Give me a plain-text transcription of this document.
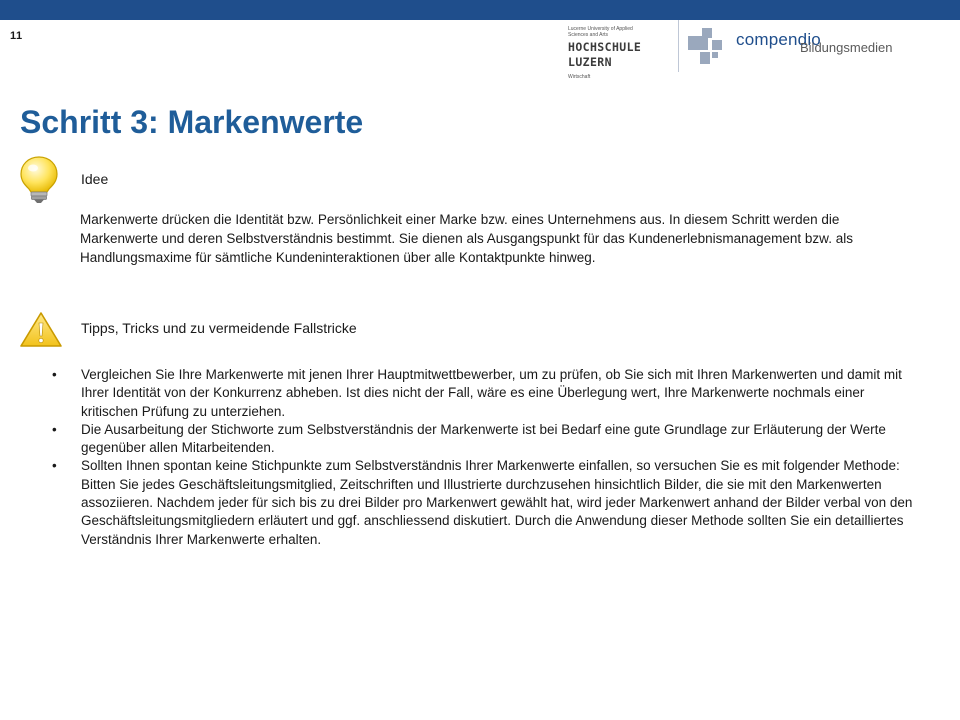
11
Lucerne University of Applied Sciences and Arts
HOCHSCHULE
LUZERN
Wirtschaft
compendio
Bildungsmedien
Schritt 3: Markenwerte
Idee

Markenwerte drücken die Identität bzw. Persönlichkeit einer Marke bzw. eines Unternehmens aus. In diesem Schritt werden die Markenwerte und deren Selbstverständnis bestimmt. Sie dienen als Ausgangspunkt für das Kundenerlebnismanagement bzw. als Handlungsmaxime für sämtliche Kundeninteraktionen über alle Kontaktpunkte hinweg.

Tipps, Tricks und zu vermeidende Fallstricke
• Vergleichen Sie Ihre Markenwerte mit jenen Ihrer Hauptmitwettbewerber, um zu prüfen, ob Sie sich mit Ihren Markenwerten und damit mit Ihrer Identität von der Konkurrenz abheben. Ist dies nicht der Fall, wäre es eine Überlegung wert, Ihre Markenwerte nochmals einer kritischen Prüfung zu unterziehen.
• Die Ausarbeitung der Stichworte zum Selbstverständnis der Markenwerte ist bei Bedarf eine gute Grundlage zur Erläuterung der Werte gegenüber allen Mitarbeitenden.
• Sollten Ihnen spontan keine Stichpunkte zum Selbstverständnis Ihrer Markenwerte einfallen, so versuchen Sie es mit folgender Methode: Bitten Sie jedes Geschäftsleitungsmitglied, Zeitschriften und Illustrierte durchzusehen hinsichtlich Bilder, die sie mit den Markenwerten assoziieren. Nachdem jeder für sich bis zu drei Bilder pro Markenwert gewählt hat, wird jeder Markenwert anhand der Bilder verbal von den Geschäftsleitungsmitgliedern erläutert und ggf. anschliessend diskutiert. Durch die Anwendung dieser Methode sollten Sie ein detailliertes Verständnis Ihrer Markenwerte erhalten.
